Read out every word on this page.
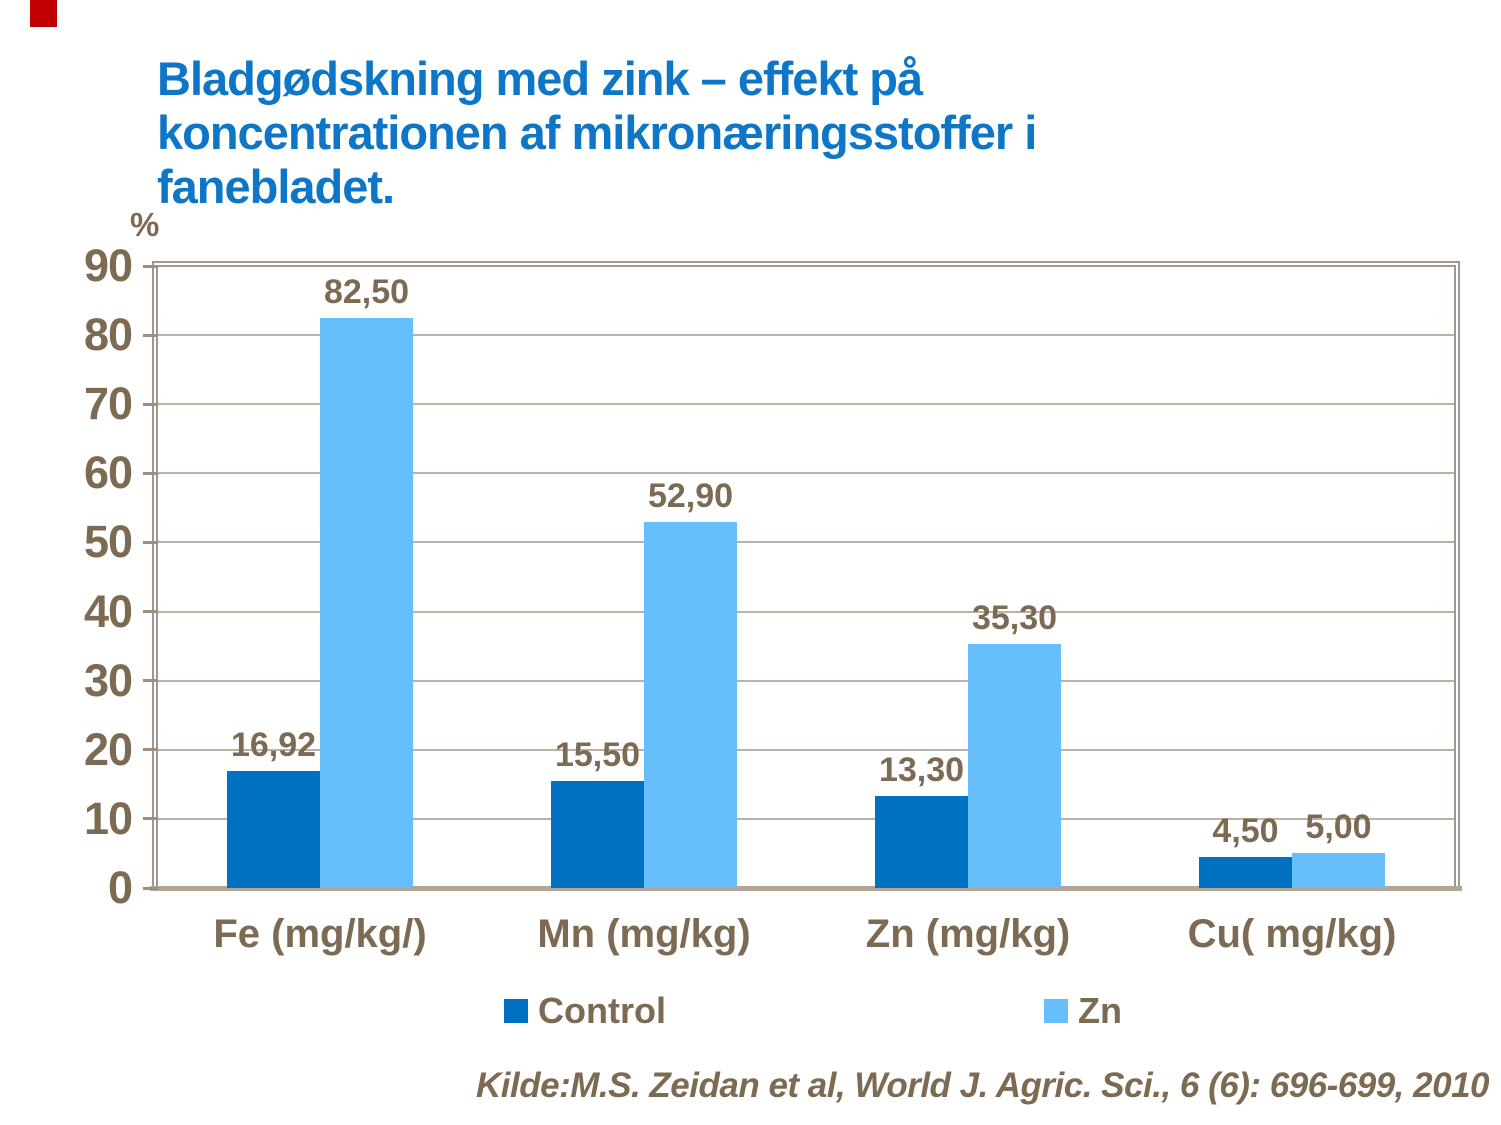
Bladgødskning med zink – effekt på
koncentrationen af mikronæringsstoffer i
fanebladet.
%
16,92	15,50	13,30
4,50
82,50
52,90
35,30
5,00
0
10
20
30
40
50
60
70
80
90
Control	Zn
Kilde:M.S. Zeidan et al, World J. Agric. Sci., 6 (6): 696-699, 2010
Fe (mg/kg/)	Mn (mg/kg)	Zn (mg/kg)	Cu( mg/kg)
